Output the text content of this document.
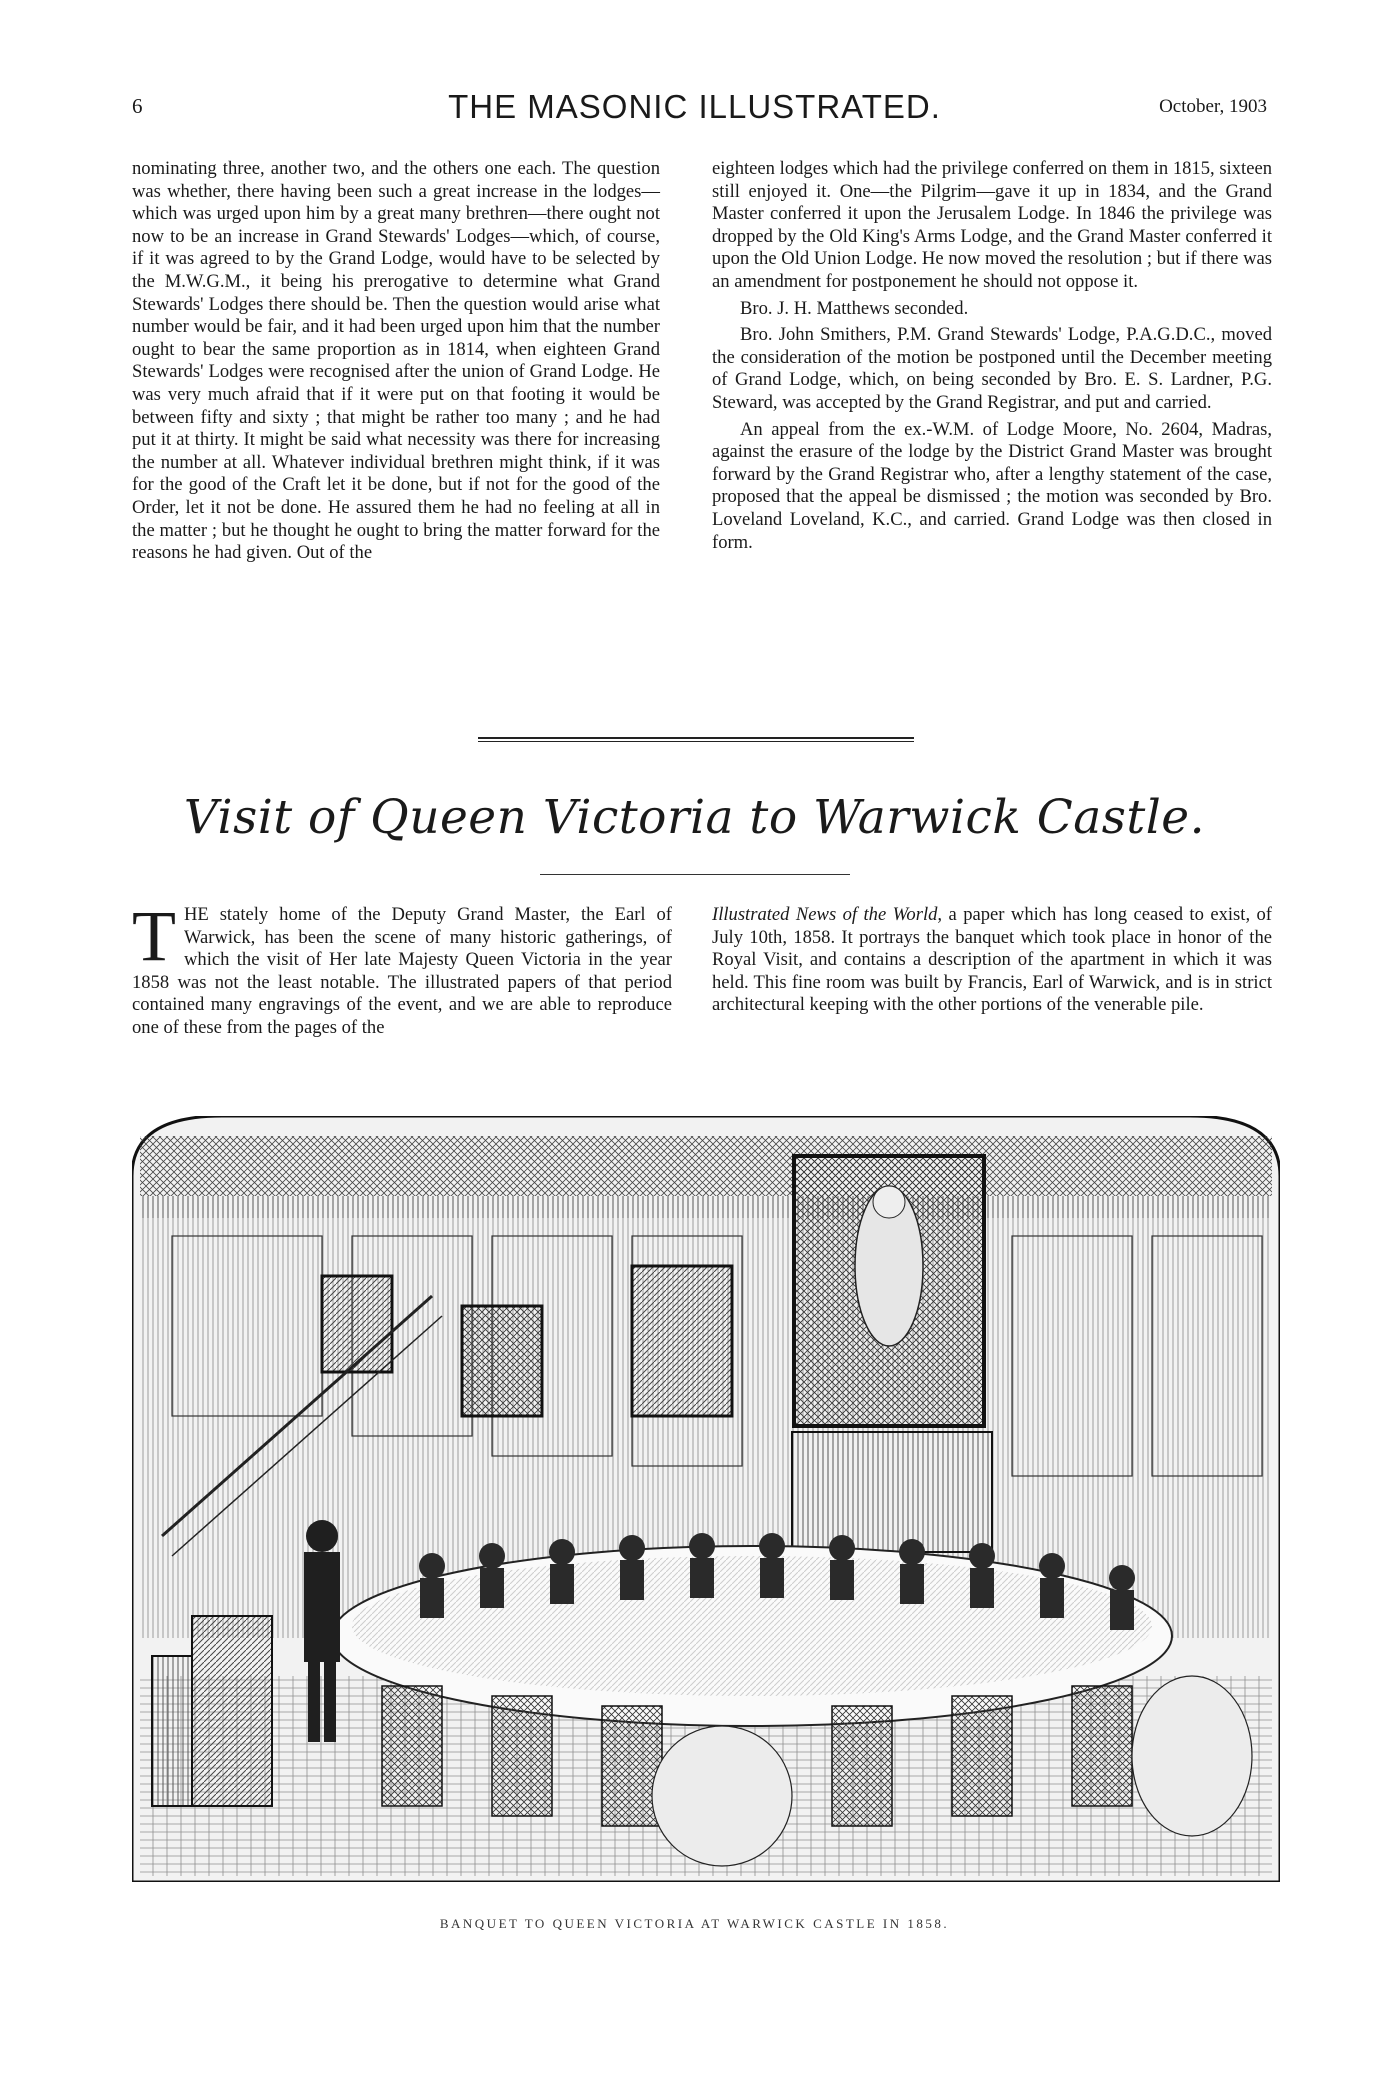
6	THE MASONIC ILLUSTRATED.	October, 1903

nominating three, another two, and the others one each. The question was whether, there having been such a great increase in the lodges—which was urged upon him by a great many brethren—there ought not now to be an increase in Grand Stewards' Lodges—which, of course, if it was agreed to by the Grand Lodge, would have to be selected by the M.W.G.M., it being his prerogative to determine what Grand Stewards' Lodges there should be. Then the question would arise what number would be fair, and it had been urged upon him that the number ought to bear the same proportion as in 1814, when eighteen Grand Stewards' Lodges were recognised after the union of Grand Lodge. He was very much afraid that if it were put on that footing it would be between fifty and sixty ; that might be rather too many ; and he had put it at thirty. It might be said what necessity was there for increasing the number at all. Whatever individual brethren might think, if it was for the good of the Craft let it be done, but if not for the good of the Order, let it not be done. He assured them he had no feeling at all in the matter ; but he thought he ought to bring the matter forward for the reasons he had given. Out of the

eighteen lodges which had the privilege conferred on them in 1815, sixteen still enjoyed it. One—the Pilgrim—gave it up in 1834, and the Grand Master conferred it upon the Jerusalem Lodge. In 1846 the privilege was dropped by the Old King's Arms Lodge, and the Grand Master conferred it upon the Old Union Lodge. He now moved the resolution ; but if there was an amendment for postponement he should not oppose it.

Bro. J. H. Matthews seconded.

Bro. John Smithers, P.M. Grand Stewards' Lodge, P.A.G.D.C., moved the consideration of the motion be postponed until the December meeting of Grand Lodge, which, on being seconded by Bro. E. S. Lardner, P.G. Steward, was accepted by the Grand Registrar, and put and carried.

An appeal from the ex.-W.M. of Lodge Moore, No. 2604, Madras, against the erasure of the lodge by the District Grand Master was brought forward by the Grand Registrar who, after a lengthy statement of the case, proposed that the appeal be dismissed ; the motion was seconded by Bro. Loveland Loveland, K.C., and carried. Grand Lodge was then closed in form.

Visit of Queen Victoria to Warwick Castle.

THE stately home of the Deputy Grand Master, the Earl of Warwick, has been the scene of many historic gatherings, of which the visit of Her late Majesty Queen Victoria in the year 1858 was not the least notable. The illustrated papers of that period contained many engravings of the event, and we are able to reproduce one of these from the pages of the

Illustrated News of the World, a paper which has long ceased to exist, of July 10th, 1858. It portrays the banquet which took place in honor of the Royal Visit, and contains a description of the apartment in which it was held. This fine room was built by Francis, Earl of Warwick, and is in strict architectural keeping with the other portions of the venerable pile.

BANQUET TO QUEEN VICTORIA AT WARWICK CASTLE IN 1858.
